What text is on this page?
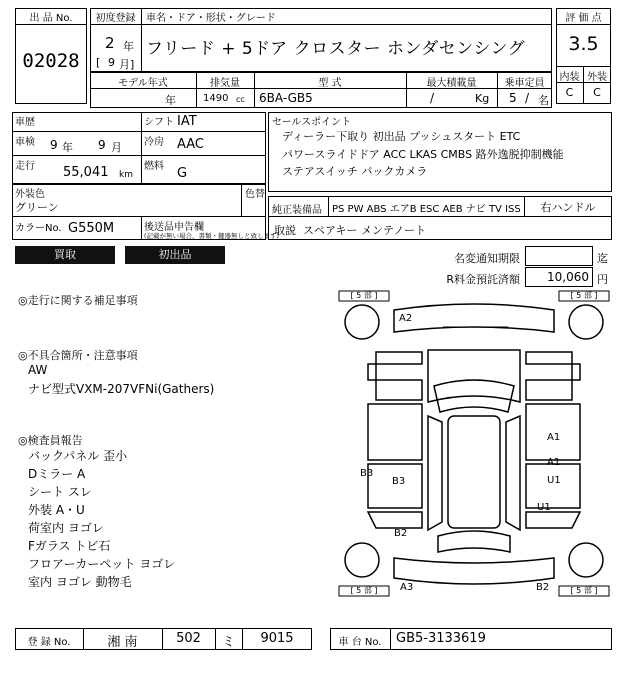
出 品 No.
02028
初度登録	車名・ドア・形状・グレード
2 年
[ 9 月]
フリード + 5ドア クロスター ホンダセンシング
評 価 点
3.5
内装 外装
C	C
モデル年式	排気量	型 式	最大積載量	乗車定員
年	1490 cc 6BA-GB5	/	Kg 5 / 名
車歴
車検 9 年 9 月
走行 55,041 km
シフト IAT
冷房 AAC
燃料 G
セールスポイント
ディーラー下取り 初出品 プッシュスタート ETC
パワースライドドア ACC LKAS CMBS 路外逸脱抑制機能
ステアスイッチ バックカメラ
外装色
グリーン
色替
カラーNo. G550M	後送品申告欄
(記載が無い場合、書類・鍵器無しと致します)
純正装備品 PS PW ABS エアB ESC AEB ナビ TV ISS	右ハンドル
取説 スペアキー メンテノート
買取	初出品	名変通知期限	迄
R料金預託済額	10,060 円
◎走行に関する補足事項
◎不具合箇所・注意事項
AW
ナビ型式VXM-207VFNi(Gathers)
◎検査員報告
バックパネル 歪小
Dミラー A
シート スレ
外装 A・U
荷室内 ヨゴレ
Fガラス トビ石
フロアーカーペット ヨゴレ
室内 ヨゴレ 動物毛
[ 5 部 ]	[ 5 部 ]
[ 5 部 ]	[ 5 部 ]
A2
A1
A1
U1
U1
B3
B3
B2
B2
A3
登 録 No.	湘 南	502	ミ	9015	車 台 No.	GB5-3133619
